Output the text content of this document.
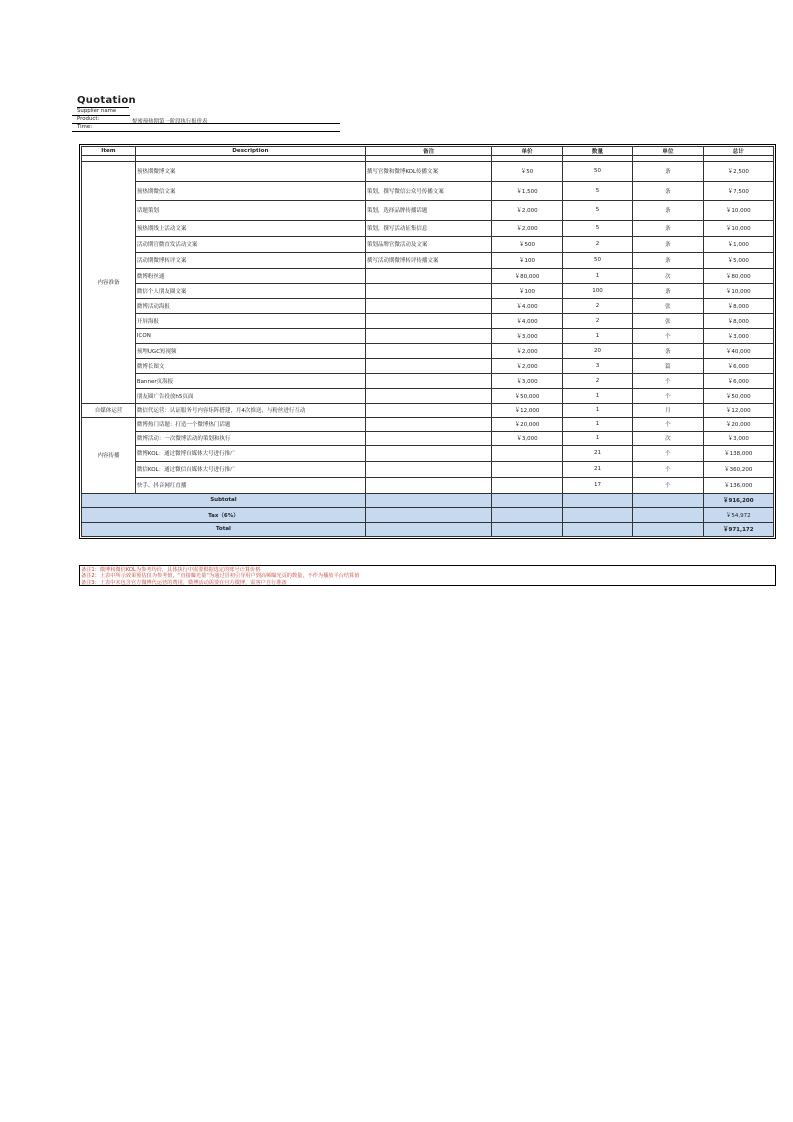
Quotation
Supplier name
Product:	悦蜜预热期第一阶段执行报价表
Time:
Item	Description	备注	单价	数量	单位	总计

内容准备	预热期微博文案	撰写官微和微博KOL传播文案	￥50	50	条	￥2,500
	预热期微信文案	策划，撰写微信公众号传播文案	￥1,500	5	条	￥7,500
	话题策划	策划，选择品牌传播话题	￥2,000	5	条	￥10,000
	预热期线上活动文案	策划，撰写活动征集信息	￥2,000	5	条	￥10,000
	活动期官微直发活动文案	策划品牌官微活动及文案	￥500	2	条	￥1,000
	活动期微博转评文案	撰写活动期微博转评传播文案	￥100	50	条	￥5,000
	微博粉丝通		￥80,000	1	次	￥80,000
	微信个人朋友圈文案		￥100	100	条	￥10,000
	微博活动海报		￥4,000	2	张	￥8,000
	开屏海报		￥4,000	2	张	￥8,000
	ICON		￥3,000	1	个	￥3,000
	预埋UGC短视频		￥2,000	20	条	￥40,000
	微博长图文		￥2,000	3	篇	￥6,000
	Banner页海报		￥3,000	2	个	￥6,000
	朋友圈广告投放h5页面		￥50,000	1	个	￥50,000
自媒体运营	微信代运营：认证服务号内容矩阵搭建，月4次推送，与粉丝进行互动		￥12,000	1	月	￥12,000
内容传播	微博热门话题：打造一个微博热门话题		￥20,000	1	个	￥20,000
	微博活动：一次微博活动的策划和执行		￥3,000	1	次	￥3,000
	微博KOL：通过微博自媒体大号进行推广			21	个	￥138,000
	微信KOL：通过微信自媒体大号进行推广			21	个	￥360,200
	快手、抖音网红直播			17	个	￥136,000
Subtotal						￥916,200
Tax（6%）						￥54,972
Total						￥971,172
备注1：微博和微信KOL为参考均价，具体执行中需要根据选定的账号计算价格
备注2：上表中所示效果预估仅为参考值，“直接曝光量”为通过冒初引导用户到高频曝光页的数量，不作为播放平台结算值
备注3：上表中未包含官方微博代运营的费用，微博活动需要在官方微博，需客户自行准备
